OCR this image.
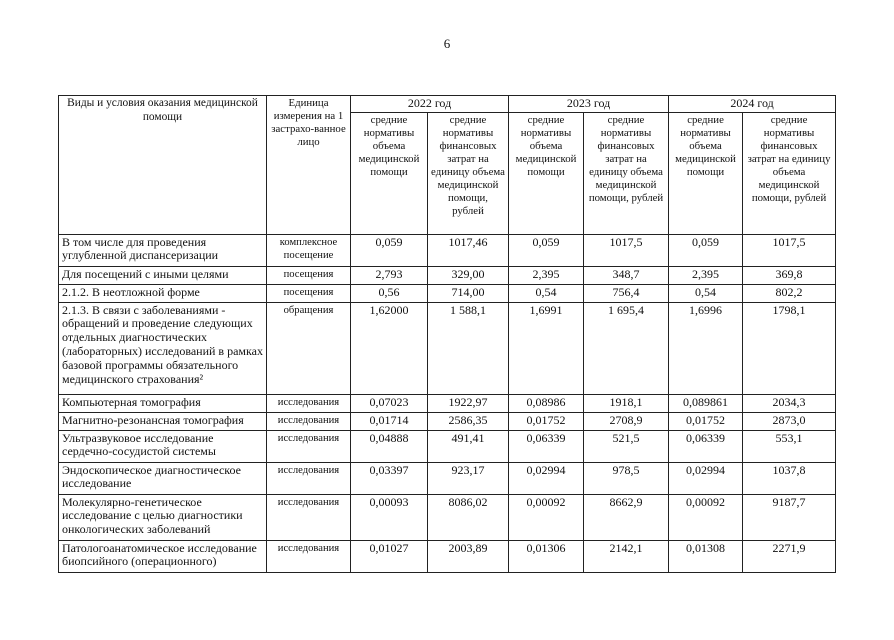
6
Виды и условия оказания медицинской помощи	Единица измерения на 1 застрахо-ванное лицо	2022 год		2023 год		2024 год	
		средние нормативы объема медицинской помощи	средние нормативы финансовых затрат на единицу объема медицинской помощи, рублей	средние нормативы объема медицинской помощи	средние нормативы финансовых затрат на единицу объема медицинской помощи, рублей	средние нормативы объема медицинской помощи	средние нормативы финансовых затрат на единицу объема медицинской помощи, рублей
В том числе для проведения углубленной диспансеризации	комплексное посещение	0,059	1017,46	0,059	1017,5	0,059	1017,5
Для посещений с иными целями	посещения	2,793	329,00	2,395	348,7	2,395	369,8
2.1.2. В неотложной форме	посещения	0,56	714,00	0,54	756,4	0,54	802,2
2.1.3. В связи с заболеваниями - обращений и проведение следующих отдельных диагностических (лабораторных) исследований в рамках базовой программы обязательного медицинского страхования²	обращения	1,62000	1 588,1	1,6991	1 695,4	1,6996	1798,1
Компьютерная томография	исследования	0,07023	1922,97	0,08986	1918,1	0,089861	2034,3
Магнитно-резонансная томография	исследования	0,01714	2586,35	0,01752	2708,9	0,01752	2873,0
Ультразвуковое исследование сердечно-сосудистой системы	исследования	0,04888	491,41	0,06339	521,5	0,06339	553,1
Эндоскопическое диагностическое исследование	исследования	0,03397	923,17	0,02994	978,5	0,02994	1037,8
Молекулярно-генетическое исследование с целью диагностики онкологических заболеваний	исследования	0,00093	8086,02	0,00092	8662,9	0,00092	9187,7
Патологоанатомическое исследование биопсийного (операционного)	исследования	0,01027	2003,89	0,01306	2142,1	0,01308	2271,9
